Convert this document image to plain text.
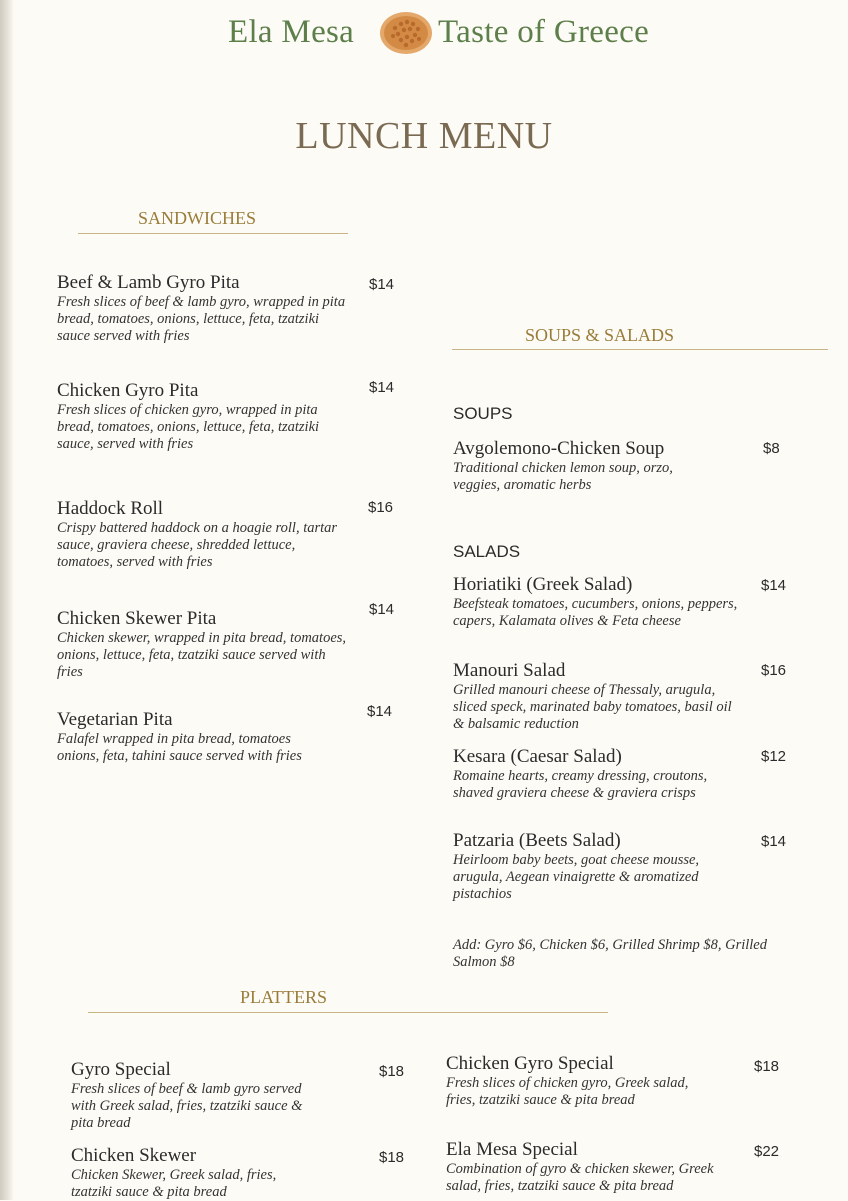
Ela Mesa	Taste of Greece
LUNCH MENU
SANDWICHES
Beef & Lamb Gyro Pita
Fresh slices of beef & lamb gyro, wrapped in pita bread, tomatoes, onions, lettuce, feta, tzatziki sauce served with fries
$14
Chicken Gyro Pita
Fresh slices of chicken gyro, wrapped in pita bread, tomatoes, onions, lettuce, feta, tzatziki sauce, served with fries
$14
Haddock Roll
Crispy battered haddock on a hoagie roll, tartar sauce, graviera cheese, shredded lettuce, tomatoes, served with fries
$16
Chicken Skewer Pita
Chicken skewer, wrapped in pita bread, tomatoes, onions, lettuce, feta, tzatziki sauce served with fries
$14
Vegetarian Pita
Falafel wrapped in pita bread, tomatoes onions, feta, tahini sauce served with fries
$14
SOUPS & SALADS
SOUPS
Avgolemono-Chicken Soup
Traditional chicken lemon soup, orzo, veggies, aromatic herbs
$8
SALADS
Horiatiki (Greek Salad)
Beefsteak tomatoes, cucumbers, onions, peppers, capers, Kalamata olives & Feta cheese
$14
Manouri Salad
Grilled manouri cheese of Thessaly, arugula, sliced speck, marinated baby tomatoes, basil oil & balsamic reduction
$16
Kesara (Caesar Salad)
Romaine hearts, creamy dressing, croutons, shaved graviera cheese & graviera crisps
$12
Patzaria (Beets Salad)
Heirloom baby beets, goat cheese mousse, arugula, Aegean vinaigrette & aromatized pistachios
$14
Add: Gyro $6, Chicken $6, Grilled Shrimp $8, Grilled Salmon $8
PLATTERS
Gyro Special
Fresh slices of beef & lamb gyro served with Greek salad, fries, tzatziki sauce & pita bread
$18
Chicken Skewer
Chicken Skewer, Greek salad, fries, tzatziki sauce & pita bread
$18
Chicken Gyro Special
Fresh slices of chicken gyro, Greek salad, fries, tzatziki sauce & pita bread
$18
Ela Mesa Special
Combination of gyro & chicken skewer, Greek salad, fries, tzatziki sauce & pita bread
$22
